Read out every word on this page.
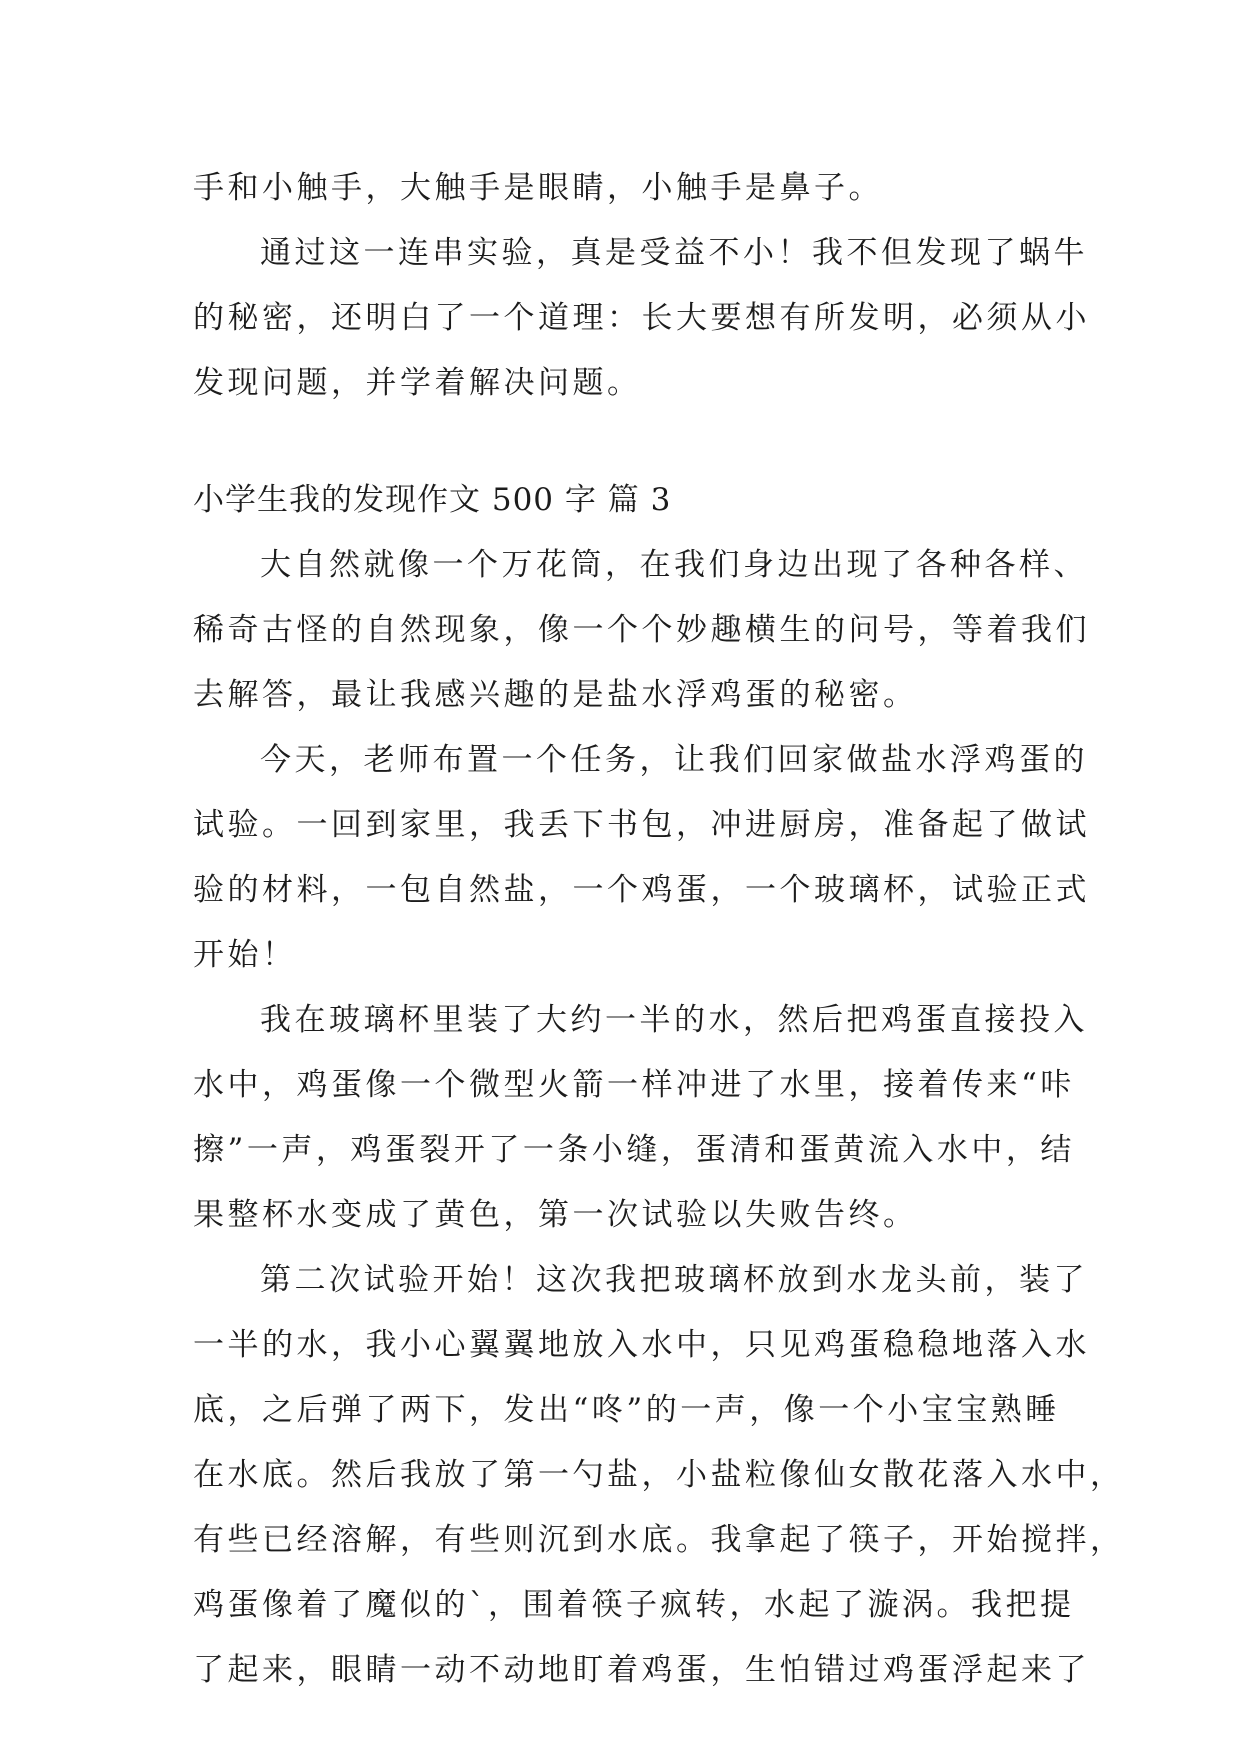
手和小触手，大触手是眼睛，小触手是鼻子。
通过这一连串实验，真是受益不小！我不但发现了蜗牛
的秘密，还明白了一个道理：长大要想有所发明，必须从小
发现问题，并学着解决问题。
小学生我的发现作文 500 字 篇 3
大自然就像一个万花筒，在我们身边出现了各种各样、
稀奇古怪的自然现象，像一个个妙趣横生的问号，等着我们
去解答，最让我感兴趣的是盐水浮鸡蛋的秘密。
今天，老师布置一个任务，让我们回家做盐水浮鸡蛋的
试验。一回到家里，我丢下书包，冲进厨房，准备起了做试
验的材料，一包自然盐，一个鸡蛋，一个玻璃杯，试验正式
开始！
我在玻璃杯里装了大约一半的水，然后把鸡蛋直接投入
水中，鸡蛋像一个微型火箭一样冲进了水里，接着传来“咔
擦”一声，鸡蛋裂开了一条小缝，蛋清和蛋黄流入水中，结
果整杯水变成了黄色，第一次试验以失败告终。
第二次试验开始！这次我把玻璃杯放到水龙头前，装了
一半的水，我小心翼翼地放入水中，只见鸡蛋稳稳地落入水
底，之后弹了两下，发出“咚”的一声，像一个小宝宝熟睡
在水底。然后我放了第一勺盐，小盐粒像仙女散花落入水中，
有些已经溶解，有些则沉到水底。我拿起了筷子，开始搅拌，
鸡蛋像着了魔似的`，围着筷子疯转，水起了漩涡。我把提
了起来，眼睛一动不动地盯着鸡蛋，生怕错过鸡蛋浮起来了
